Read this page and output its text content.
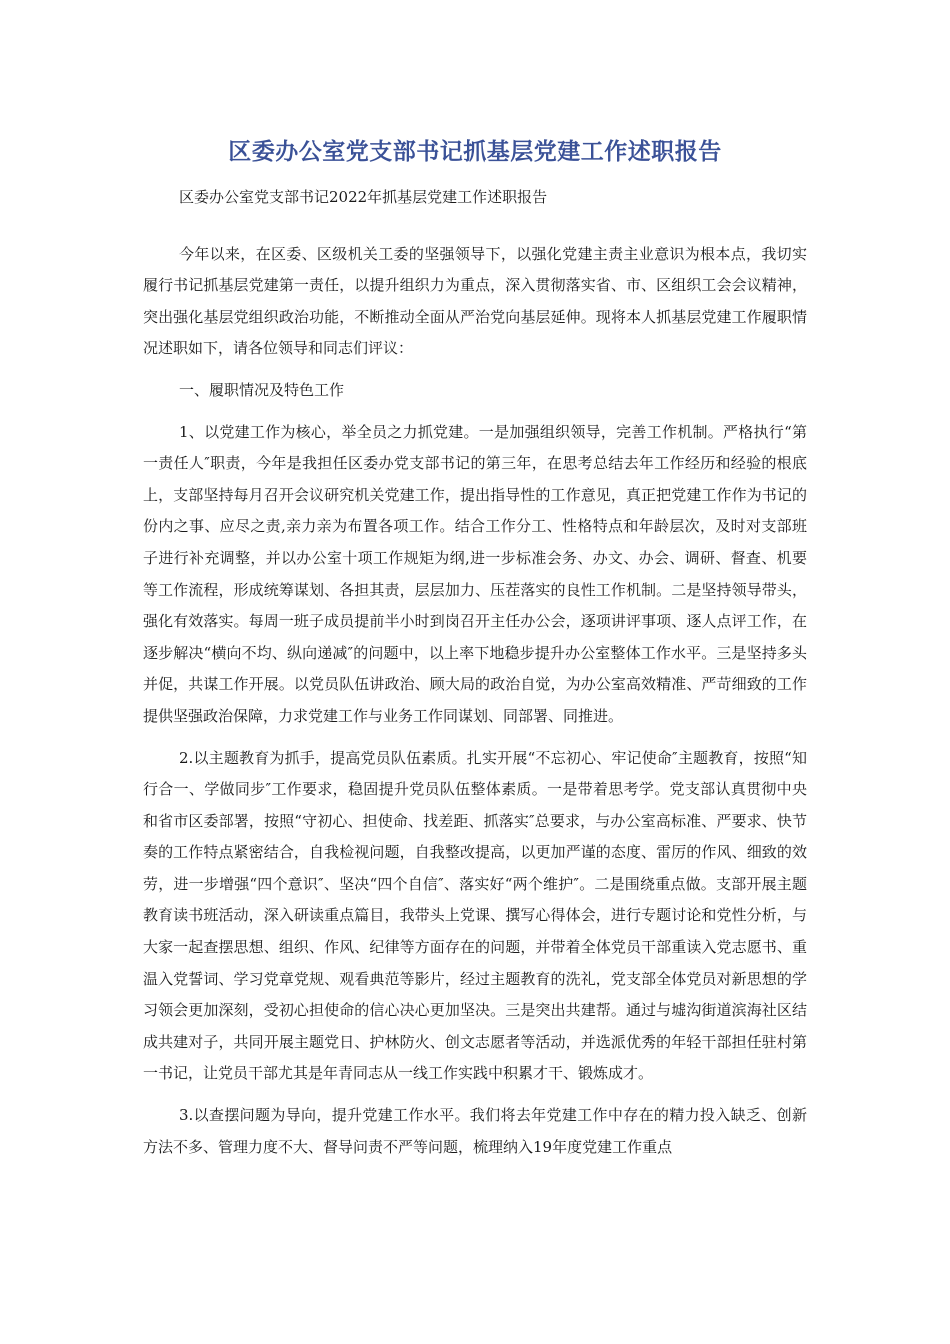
区委办公室党支部书记抓基层党建工作述职报告

区委办公室党支部书记2022年抓基层党建工作述职报告

今年以来，在区委、区级机关工委的坚强领导下，以强化党建主责主业意识为根本点，我切实履行书记抓基层党建第一责任，以提升组织力为重点，深入贯彻落实省、市、区组织工会会议精神，突出强化基层党组织政治功能，不断推动全面从严治党向基层延伸。现将本人抓基层党建工作履职情况述职如下，请各位领导和同志们评议：

一、履职情况及特色工作

1、以党建工作为核心，举全员之力抓党建。一是加强组织领导，完善工作机制。严格执行“第一责任人″职责，今年是我担任区委办党支部书记的第三年，在思考总结去年工作经历和经验的根底上，支部坚持每月召开会议研究机关党建工作，提出指导性的工作意见，真正把党建工作作为书记的份内之事、应尽之责,亲力亲为布置各项工作。结合工作分工、性格特点和年龄层次，及时对支部班子进行补充调整，并以办公室十项工作规矩为纲,进一步标准会务、办文、办会、调研、督查、机要等工作流程，形成统筹谋划、各担其责，层层加力、压茬落实的良性工作机制。二是坚持领导带头，强化有效落实。每周一班子成员提前半小时到岗召开主任办公会，逐项讲评事项、逐人点评工作，在逐步解决“横向不均、纵向递减″的问题中，以上率下地稳步提升办公室整体工作水平。三是坚持多头并促，共谋工作开展。以党员队伍讲政治、顾大局的政治自觉，为办公室高效精准、严苛细致的工作提供坚强政治保障，力求党建工作与业务工作同谋划、同部署、同推进。

2.以主题教育为抓手，提高党员队伍素质。扎实开展“不忘初心、牢记使命″主题教育，按照“知行合一、学做同步″工作要求，稳固提升党员队伍整体素质。一是带着思考学。党支部认真贯彻中央和省市区委部署，按照“守初心、担使命、找差距、抓落实″总要求，与办公室高标准、严要求、快节奏的工作特点紧密结合，自我检视问题，自我整改提高，以更加严谨的态度、雷厉的作风、细致的效劳，进一步增强“四个意识″、坚决“四个自信″、落实好“两个维护″。二是围绕重点做。支部开展主题教育读书班活动，深入研读重点篇目，我带头上党课、撰写心得体会，进行专题讨论和党性分析，与大家一起查摆思想、组织、作风、纪律等方面存在的问题，并带着全体党员干部重读入党志愿书、重温入党誓词、学习党章党规、观看典范等影片，经过主题教育的洗礼，党支部全体党员对新思想的学习领会更加深刻，受初心担使命的信心决心更加坚决。三是突出共建帮。通过与墟沟街道滨海社区结成共建对子，共同开展主题党日、护林防火、创文志愿者等活动，并选派优秀的年轻干部担任驻村第一书记，让党员干部尤其是年青同志从一线工作实践中积累才干、锻炼成才。

3.以查摆问题为导向，提升党建工作水平。我们将去年党建工作中存在的精力投入缺乏、创新方法不多、管理力度不大、督导问责不严等问题，梳理纳入19年度党建工作重点
